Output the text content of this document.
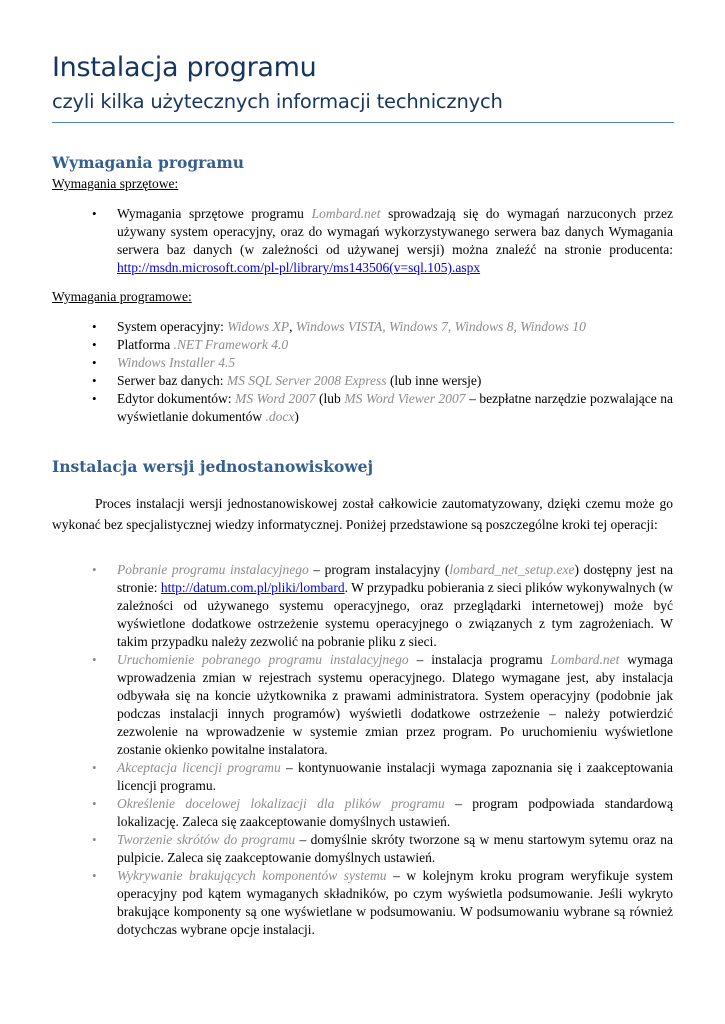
Instalacja programu
czyli kilka użytecznych informacji technicznych
Wymagania programu

Wymagania sprzętowe:

• Wymagania sprzętowe programu Lombard.net sprowadzają się do wymagań narzuconych przez używany system operacyjny, oraz do wymagań wykorzystywanego serwera baz danych Wymagania serwera baz danych (w zależności od używanej wersji) można znaleźć na stronie producenta: http://msdn.microsoft.com/pl-pl/library/ms143506(v=sql.105).aspx

Wymagania programowe:

• System operacyjny: Widows XP, Windows VISTA, Windows 7, Windows 8, Windows 10
• Platforma .NET Framework 4.0
• Windows Installer 4.5
• Serwer baz danych: MS SQL Server 2008 Express (lub inne wersje)
• Edytor dokumentów: MS Word 2007 (lub MS Word Viewer 2007 – bezpłatne narzędzie pozwalające na wyświetlanie dokumentów .docx)
Instalacja wersji jednostanowiskowej

Proces instalacji wersji jednostanowiskowej został całkowicie zautomatyzowany, dzięki czemu może go wykonać bez specjalistycznej wiedzy informatycznej. Poniżej przedstawione są poszczególne kroki tej operacji:

• Pobranie programu instalacyjnego – program instalacyjny (lombard_net_setup.exe) dostępny jest na stronie: http://datum.com.pl/pliki/lombard. W przypadku pobierania z sieci plików wykonywalnych (w zależności od używanego systemu operacyjnego, oraz przeglądarki internetowej) może być wyświetlone dodatkowe ostrzeżenie systemu operacyjnego o związanych z tym zagrożeniach. W takim przypadku należy zezwolić na pobranie pliku z sieci.
• Uruchomienie pobranego programu instalacyjnego – instalacja programu Lombard.net wymaga wprowadzenia zmian w rejestrach systemu operacyjnego. Dlatego wymagane jest, aby instalacja odbywała się na koncie użytkownika z prawami administratora. System operacyjny (podobnie jak podczas instalacji innych programów) wyświetli dodatkowe ostrzeżenie – należy potwierdzić zezwolenie na wprowadzenie w systemie zmian przez program. Po uruchomieniu wyświetlone zostanie okienko powitalne instalatora.
• Akceptacja licencji programu – kontynuowanie instalacji wymaga zapoznania się i zaakceptowania licencji programu.
• Określenie docelowej lokalizacji dla plików programu – program podpowiada standardową lokalizację. Zaleca się zaakceptowanie domyślnych ustawień.
• Tworzenie skrótów do programu – domyślnie skróty tworzone są w menu startowym sytemu oraz na pulpicie. Zaleca się zaakceptowanie domyślnych ustawień.
• Wykrywanie brakujących komponentów systemu – w kolejnym kroku program weryfikuje system operacyjny pod kątem wymaganych składników, po czym wyświetla podsumowanie. Jeśli wykryto brakujące komponenty są one wyświetlane w podsumowaniu. W podsumowaniu wybrane są również dotychczas wybrane opcje instalacji.
